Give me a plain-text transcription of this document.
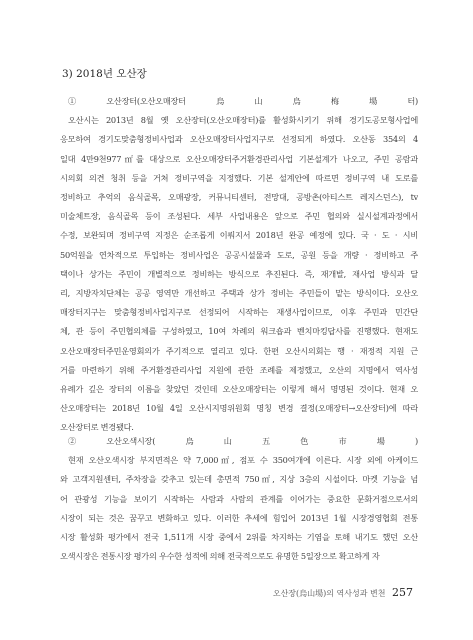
3) 2018년 오산장
①오산장터(오산오매장터烏山烏梅場터)
오산시는 2013년 8월 옛 오산장터(오산오매장터)를 활성화시키기 위해 경기도공모형사업에
응모하여 경기도맞춤형정비사업과 오산오매장터사업지구로 선정되게 하였다. 오산동 354의 4
일대 4만9천977㎡를 대상으로 오산오매장터주거환경관리사업 기본설계가 나오고, 주민 공람과
시의회 의견 청취 등을 거쳐 정비구역을 지정했다. 기본 설계안에 따르면 정비구역 내 도로를
정비하고 추억의 음식골목, 오매광장, 커뮤니티센터, 전망대, 공방촌(아티스트 레지스던스), tv
미술체트장, 음식골목 등이 조성된다. 세부 사업내용은 앞으로 주민 협의와 실시설계과정에서
수정, 보완되며 정비구역 지정은 순조롭게 이뤄지서 2018년 완공 예정에 있다. 국 · 도 · 시비
50억원을 연차적으로 투입하는 정비사업은 공공시설물과 도로, 공원 등을 개량 · 정비하고 주
택이나 상가는 주민이 개별적으로 정비하는 방식으로 추진된다. 즉, 재개발, 재사업 방식과 달
리, 지방자치단체는 공공 영역만 개선하고 주택과 상가 정비는 주민들이 맡는 방식이다. 오산오
매장터지구는 맞춤형정비사업지구로 선정되어 시작하는 재생사업이므로, 이후 주민과 민간단
체, 관 등이 주민협의체를 구성하였고, 10여 차례의 워크숍과 벤치마킹답사를 진행했다. 현재도
오산오매장터주민운영회의가 주기적으로 열리고 있다. 한편 오산시의회는 행 · 재정적 지원 근
거를 마련하기 위해 주거환경관리사업 지원에 관한 조례를 제정했고, 오산의 지명에서 역사성
유례가 깊은 장터의 이름을 찾았던 것인데 오산오매장터는 이렇게 해서 명명된 것이다. 현재 오
산오매장터는 2018년 10월 4일 오산시지명위원회 명칭 변경 결정(오매장터→오산장터)에 따라
오산장터로 변경됐다.
②오산오색시장(烏山五色市場)
현재 오산오색시장 부지면적은 약 7,000㎡, 점포 수 350여개에 이른다. 시장 외에 아케이드
와 고객지원센터, 주차장을 갖추고 있는데 총면적 750㎡, 지상 3층의 시설이다. 마켓 기능을 넘
어 관광성 기능을 보이기 시작하는 사람과 사람의 관계를 이어가는 중요한 문화거점으로서의
시장이 되는 것은 꿈꾸고 변화하고 있다. 이러한 추세에 힘입어 2013년 1월 시장경영협회 전통
시장 활성화 평가에서 전국 1,511개 시장 중에서 2위를 차지하는 기염을 토해 내기도 했던 오산
오색시장은 전통시장 평가의 우수한 성적에 의해 전국적으로도 유명한 5일장으로 확고하게 자
오산장(烏山場)의 역사성과 변천 257
